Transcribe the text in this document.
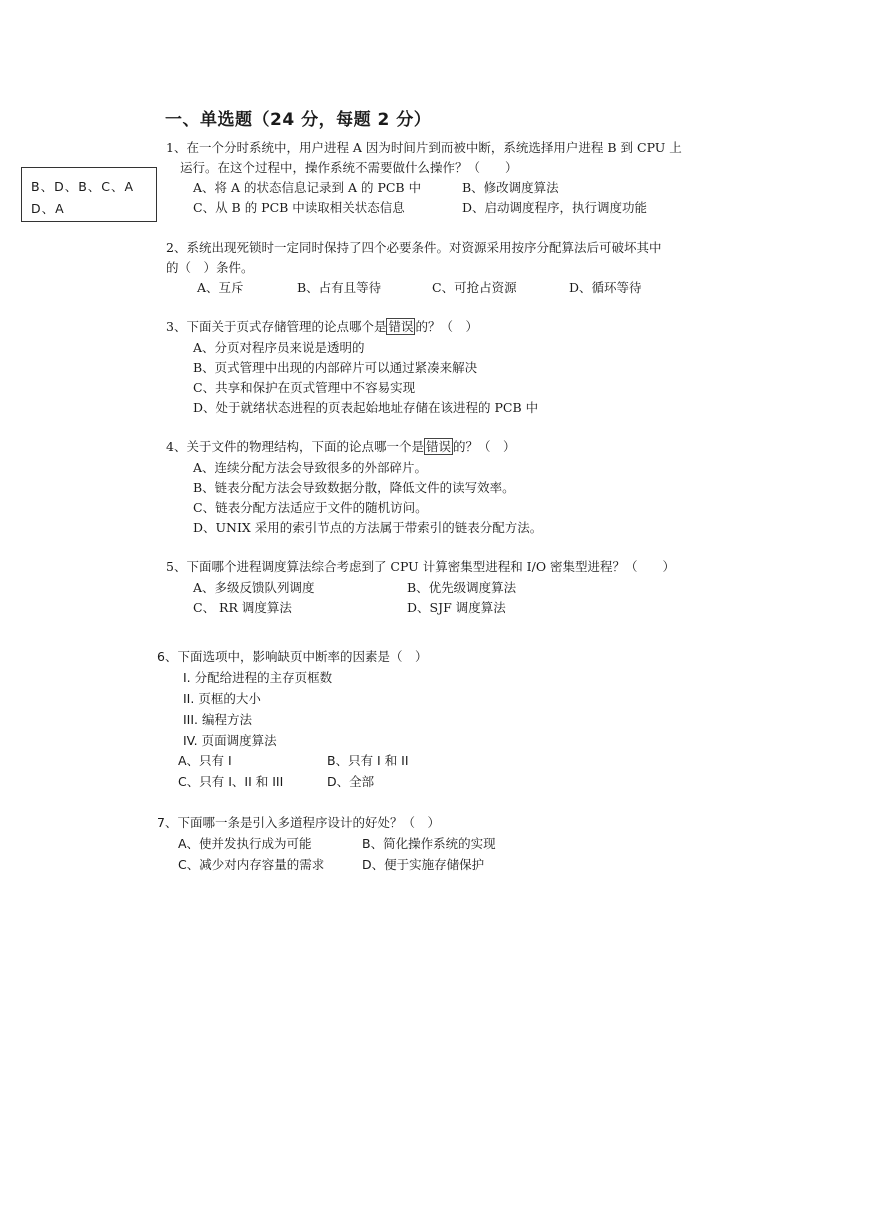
B、D、B、C、A
D、A
一、单选题（24 分，每题 2 分）
1、在一个分时系统中，用户进程 A 因为时间片到而被中断，系统选择用户进程 B 到 CPU 上
运行。在这个过程中，操作系统不需要做什么操作？（　　）
A、将 A 的状态信息记录到 A 的 PCB 中	B、修改调度算法
C、从 B 的 PCB 中读取相关状态信息	D、启动调度程序，执行调度功能
2、系统出现死锁时一定同时保持了四个必要条件。对资源采用按序分配算法后可破坏其中
的（　）条件。
A、互斥	B、占有且等待	C、可抢占资源	D、循环等待
3、下面关于页式存储管理的论点哪个是 错误 的？（　）
A、分页对程序员来说是透明的
B、页式管理中出现的内部碎片可以通过紧凑来解决
C、共享和保护在页式管理中不容易实现
D、处于就绪状态进程的页表起始地址存储在该进程的 PCB 中
4、关于文件的物理结构，下面的论点哪一个是 错误 的？（　）
A、连续分配方法会导致很多的外部碎片。
B、链表分配方法会导致数据分散，降低文件的读写效率。
C、链表分配方法适应于文件的随机访问。
D、UNIX 采用的索引节点的方法属于带索引的链表分配方法。
5、下面哪个进程调度算法综合考虑到了 CPU 计算密集型进程和 I/O 密集型进程？（　　）
A、多级反馈队列调度	B、优先级调度算法
C、 RR 调度算法	D、SJF 调度算法
6、下面选项中，影响缺页中断率的因素是（　）
I. 分配给进程的主存页框数
II. 页框的大小
III. 编程方法
IV. 页面调度算法
A、只有 I	B、只有 I 和 II
C、只有 I、II 和 III	D、全部
7、下面哪一条是引入多道程序设计的好处？（　）
A、使并发执行成为可能	B、简化操作系统的实现
C、减少对内存容量的需求	D、便于实施存储保护
